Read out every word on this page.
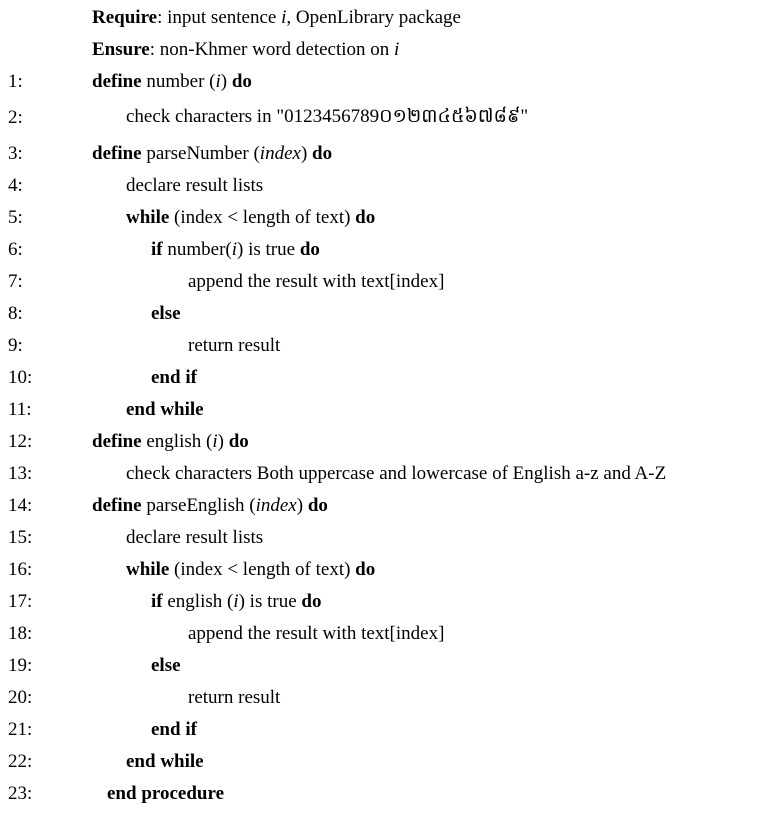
Require: input sentence i, OpenLibrary package
Ensure: non-Khmer word detection on i
1:	define number (i) do
2:	check characters in "0123456789០១២៣៤៥៦៧៨៩"
3:	define parseNumber (index) do
4:	declare result lists
5:	while (index < length of text) do
6:	if number(i) is true do
7:	append the result with text[index]
8:	else
9:	return result
10:	end if
11:	end while
12:	define english (i) do
13:	check characters Both uppercase and lowercase of English a-z and A-Z
14:	define parseEnglish (index) do
15:	declare result lists
16:	while (index < length of text) do
17:	if english (i) is true do
18:	append the result with text[index]
19:	else
20:	return result
21:	end if
22:	end while
23:	end procedure
